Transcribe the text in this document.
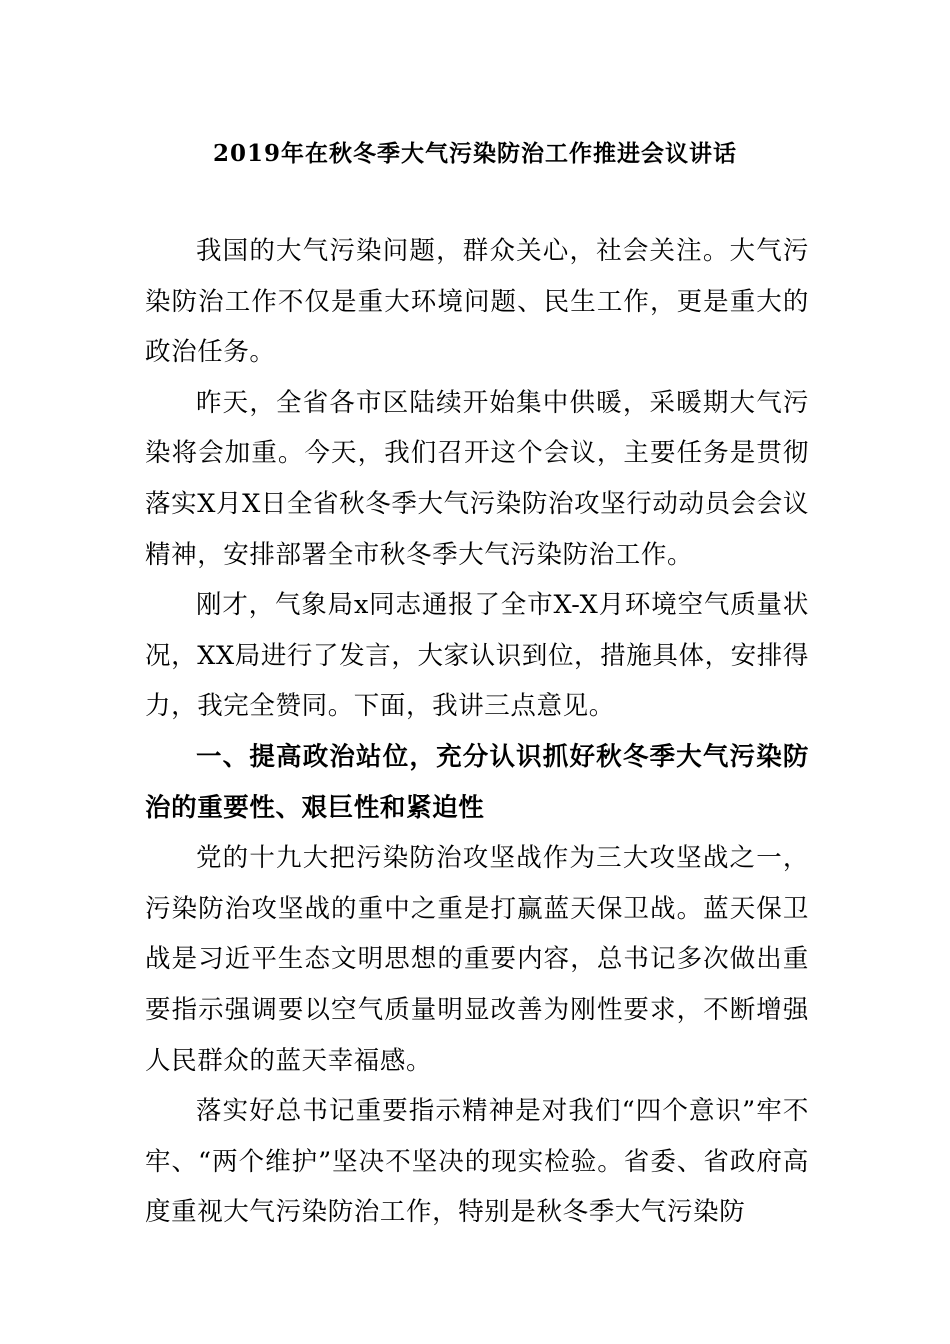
2019年在秋冬季大气污染防治工作推进会议讲话

我国的大气污染问题，群众关心，社会关注。大气污染防治工作不仅是重大环境问题、民生工作，更是重大的政治任务。

昨天，全省各市区陆续开始集中供暖，采暖期大气污染将会加重。今天，我们召开这个会议，主要任务是贯彻落实X月X日全省秋冬季大气污染防治攻坚行动动员会会议精神，安排部署全市秋冬季大气污染防治工作。

刚才，气象局x同志通报了全市X-X月环境空气质量状况，XX局进行了发言，大家认识到位，措施具体，安排得力，我完全赞同。下面，我讲三点意见。

一、提高政治站位，充分认识抓好秋冬季大气污染防治的重要性、艰巨性和紧迫性

党的十九大把污染防治攻坚战作为三大攻坚战之一，污染防治攻坚战的重中之重是打赢蓝天保卫战。蓝天保卫战是习近平生态文明思想的重要内容，总书记多次做出重要指示强调要以空气质量明显改善为刚性要求，不断增强人民群众的蓝天幸福感。

落实好总书记重要指示精神是对我们“四个意识”牢不牢、“两个维护”坚决不坚决的现实检验。省委、省政府高度重视大气污染防治工作，特别是秋冬季大气污染防
